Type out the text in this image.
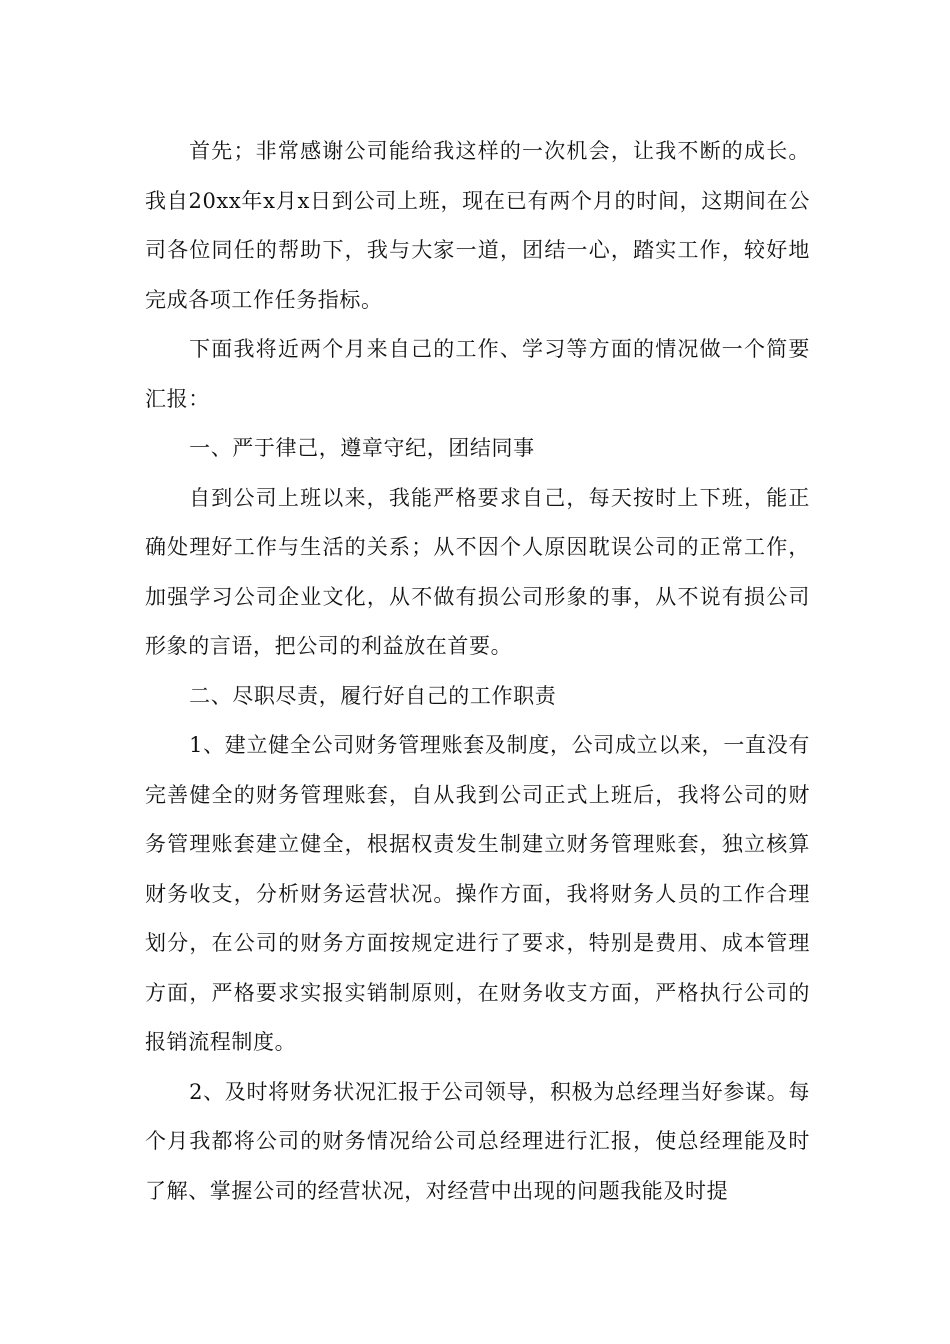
首先；非常感谢公司能给我这样的一次机会，让我不断的成长。我自20xx年x月x日到公司上班，现在已有两个月的时间，这期间在公司各位同任的帮助下，我与大家一道，团结一心，踏实工作，较好地完成各项工作任务指标。

下面我将近两个月来自己的工作、学习等方面的情况做一个简要汇报：

一、严于律己，遵章守纪，团结同事

自到公司上班以来，我能严格要求自己，每天按时上下班，能正确处理好工作与生活的关系；从不因个人原因耽误公司的正常工作，加强学习公司企业文化，从不做有损公司形象的事，从不说有损公司形象的言语，把公司的利益放在首要。

二、尽职尽责，履行好自己的工作职责

1、建立健全公司财务管理账套及制度，公司成立以来，一直没有完善健全的财务管理账套，自从我到公司正式上班后，我将公司的财务管理账套建立健全，根据权责发生制建立财务管理账套，独立核算财务收支，分析财务运营状况。操作方面，我将财务人员的工作合理划分，在公司的财务方面按规定进行了要求，特别是费用、成本管理方面，严格要求实报实销制原则，在财务收支方面，严格执行公司的报销流程制度。

2、及时将财务状况汇报于公司领导，积极为总经理当好参谋。每个月我都将公司的财务情况给公司总经理进行汇报，使总经理能及时了解、掌握公司的经营状况，对经营中出现的问题我能及时提
